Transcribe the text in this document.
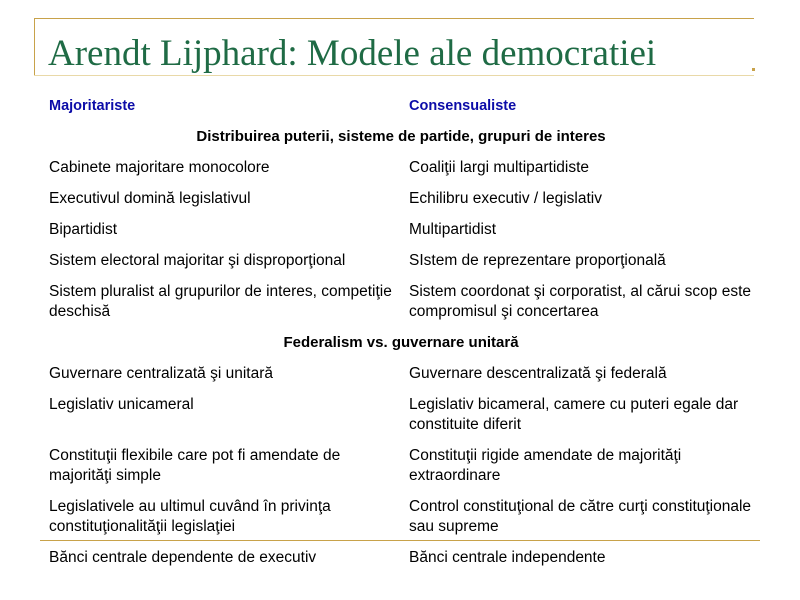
Arendt Lijphard: Modele ale democratiei
Majoritariste	Consensualiste
Distribuirea puterii, sisteme de partide, grupuri de interes	
Cabinete majoritare monocolore	Coaliţii largi multipartidiste
Executivul domină legislativul	Echilibru executiv / legislativ
Bipartidist	Multipartidist
Sistem electoral majoritar şi disproporţional	SIstem de reprezentare proporţională
Sistem pluralist al grupurilor de interes, competiţie deschisă	Sistem coordonat şi corporatist, al cărui scop este compromisul şi concertarea
Federalism vs. guvernare unitară	
Guvernare centralizată şi unitară	Guvernare descentralizată şi federală
Legislativ unicameral	Legislativ bicameral, camere cu puteri egale dar constituite diferit
Constituţii flexibile care pot fi amendate de majorităţi simple	Constituţii rigide amendate de majorităţi extraordinare
Legislativele au ultimul cuvând în privinţa constituţionalităţii legislaţiei	Control constituţional de către curţi constituţionale sau supreme
Bănci centrale dependente de executiv	Bănci centrale independente
